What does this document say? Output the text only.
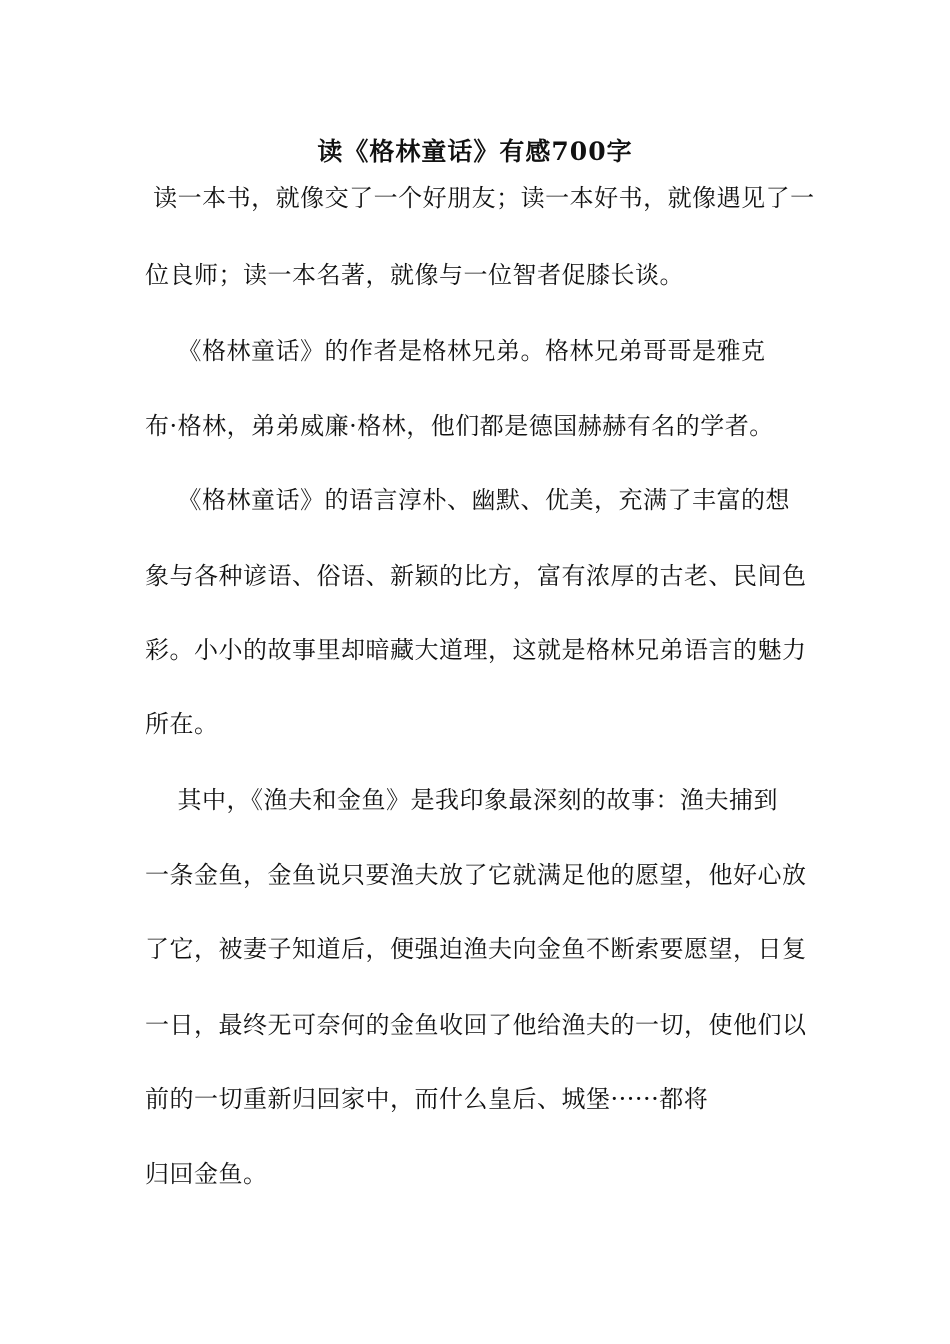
读《格林童话》有感700字
读一本书，就像交了一个好朋友；读一本好书，就像遇见了一
位良师；读一本名著，就像与一位智者促膝长谈。
《格林童话》的作者是格林兄弟。格林兄弟哥哥是雅克
布·格林，弟弟威廉·格林，他们都是德国赫赫有名的学者。
《格林童话》的语言淳朴、幽默、优美，充满了丰富的想
象与各种谚语、俗语、新颖的比方，富有浓厚的古老、民间色
彩。小小的故事里却暗藏大道理，这就是格林兄弟语言的魅力
所在。
其中，《渔夫和金鱼》是我印象最深刻的故事：渔夫捕到
一条金鱼，金鱼说只要渔夫放了它就满足他的愿望，他好心放
了它，被妻子知道后，便强迫渔夫向金鱼不断索要愿望，日复
一日，最终无可奈何的金鱼收回了他给渔夫的一切，使他们以
前的一切重新归回家中，而什么皇后、城堡······都将
归回金鱼。
